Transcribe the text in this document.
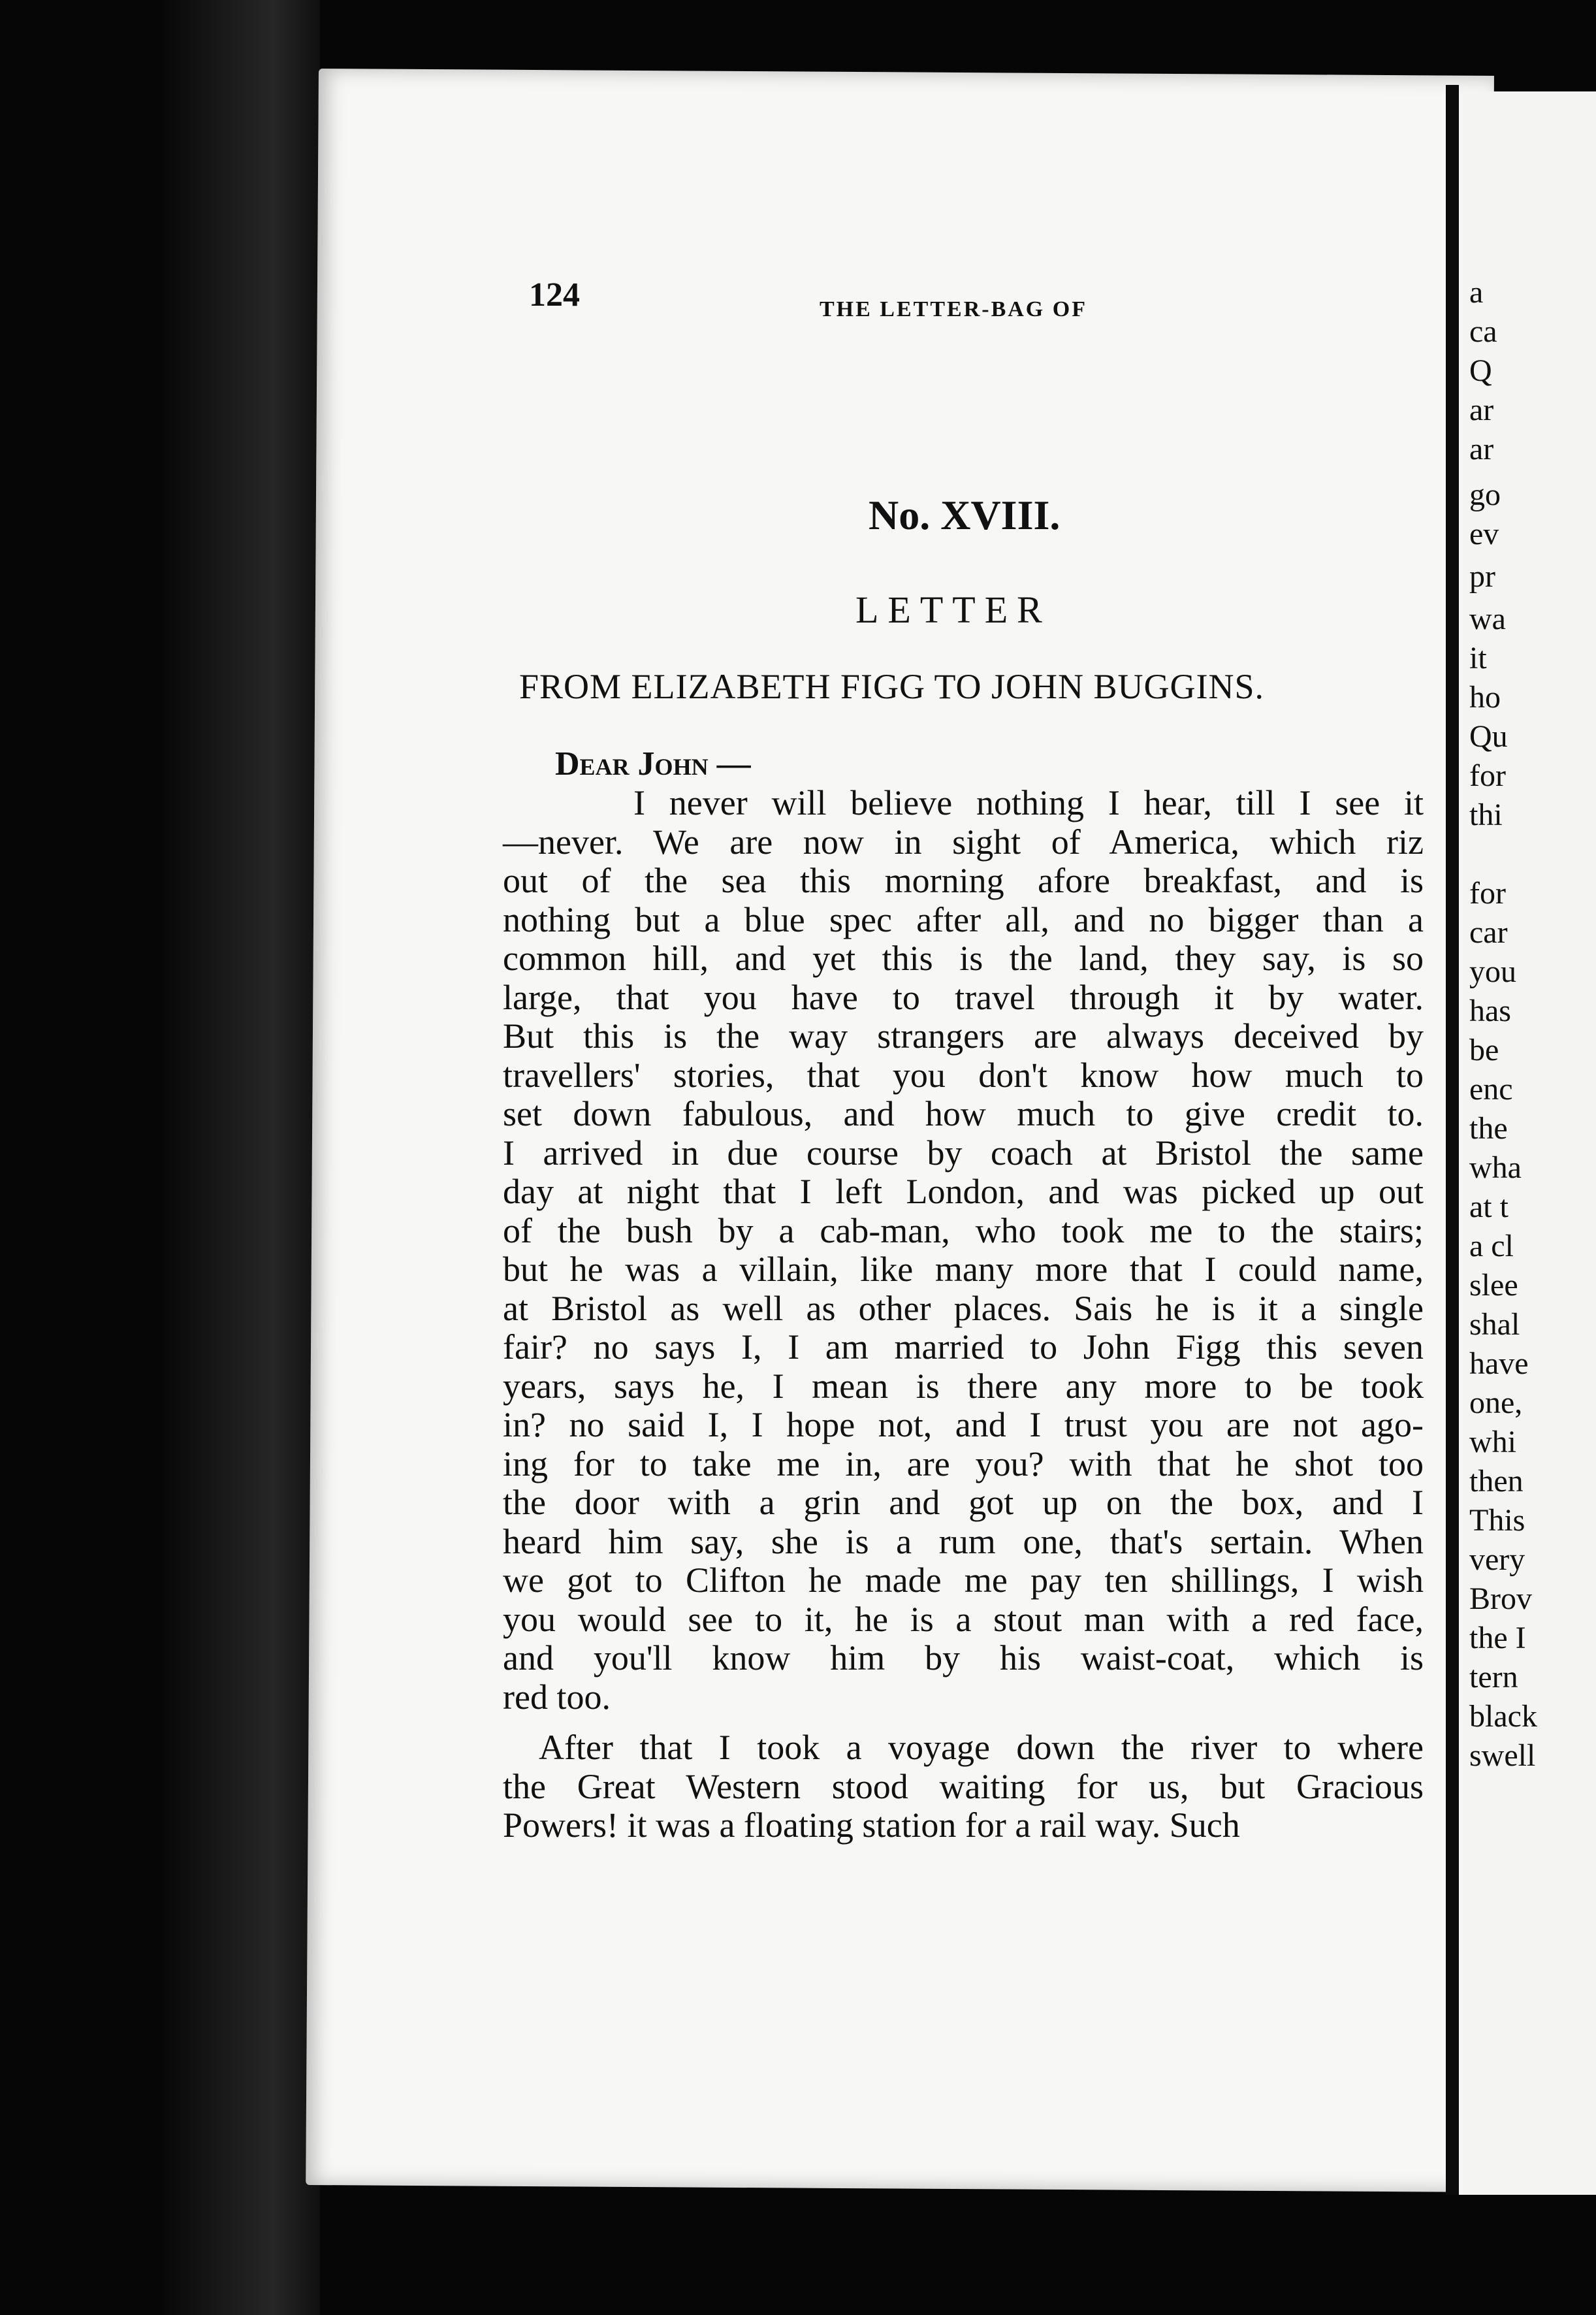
124	THE LETTER-BAG OF
No. XVIII.
LETTER
FROM ELIZABETH FIGG TO JOHN BUGGINS.
Dear John —
I never will believe nothing I hear, till I see it
—never. We are now in sight of America, which riz
out of the sea this morning afore breakfast, and is
nothing but a blue spec after all, and no bigger than a
common hill, and yet this is the land, they say, is so
large, that you have to travel through it by water.
But this is the way strangers are always deceived by
travellers' stories, that you don't know how much to
set down fabulous, and how much to give credit to.
I arrived in due course by coach at Bristol the same
day at night that I left London, and was picked up out
of the bush by a cab-man, who took me to the stairs;
but he was a villain, like many more that I could name,
at Bristol as well as other places. Sais he is it a single
fair? no says I, I am married to John Figg this seven
years, says he, I mean is there any more to be took
in? no said I, I hope not, and I trust you are not ago-
ing for to take me in, are you? with that he shot too
the door with a grin and got up on the box, and I
heard him say, she is a rum one, that's sertain. When
we got to Clifton he made me pay ten shillings, I wish
you would see to it, he is a stout man with a red face,
and you'll know him by his waist-coat, which is
red too.
After that I took a voyage down the river to where
the Great Western stood waiting for us, but Gracious
Powers! it was a floating station for a rail way. Such
a
ca
Q
ar
ar
go
ev
pr
wa
it
ho
Qu
for
thi
for
car
you
has
be
enc
the
wha
at t
a cl
slee
shal
have
one,
whi
then
This
very
Brov
the I
tern
black
swell
